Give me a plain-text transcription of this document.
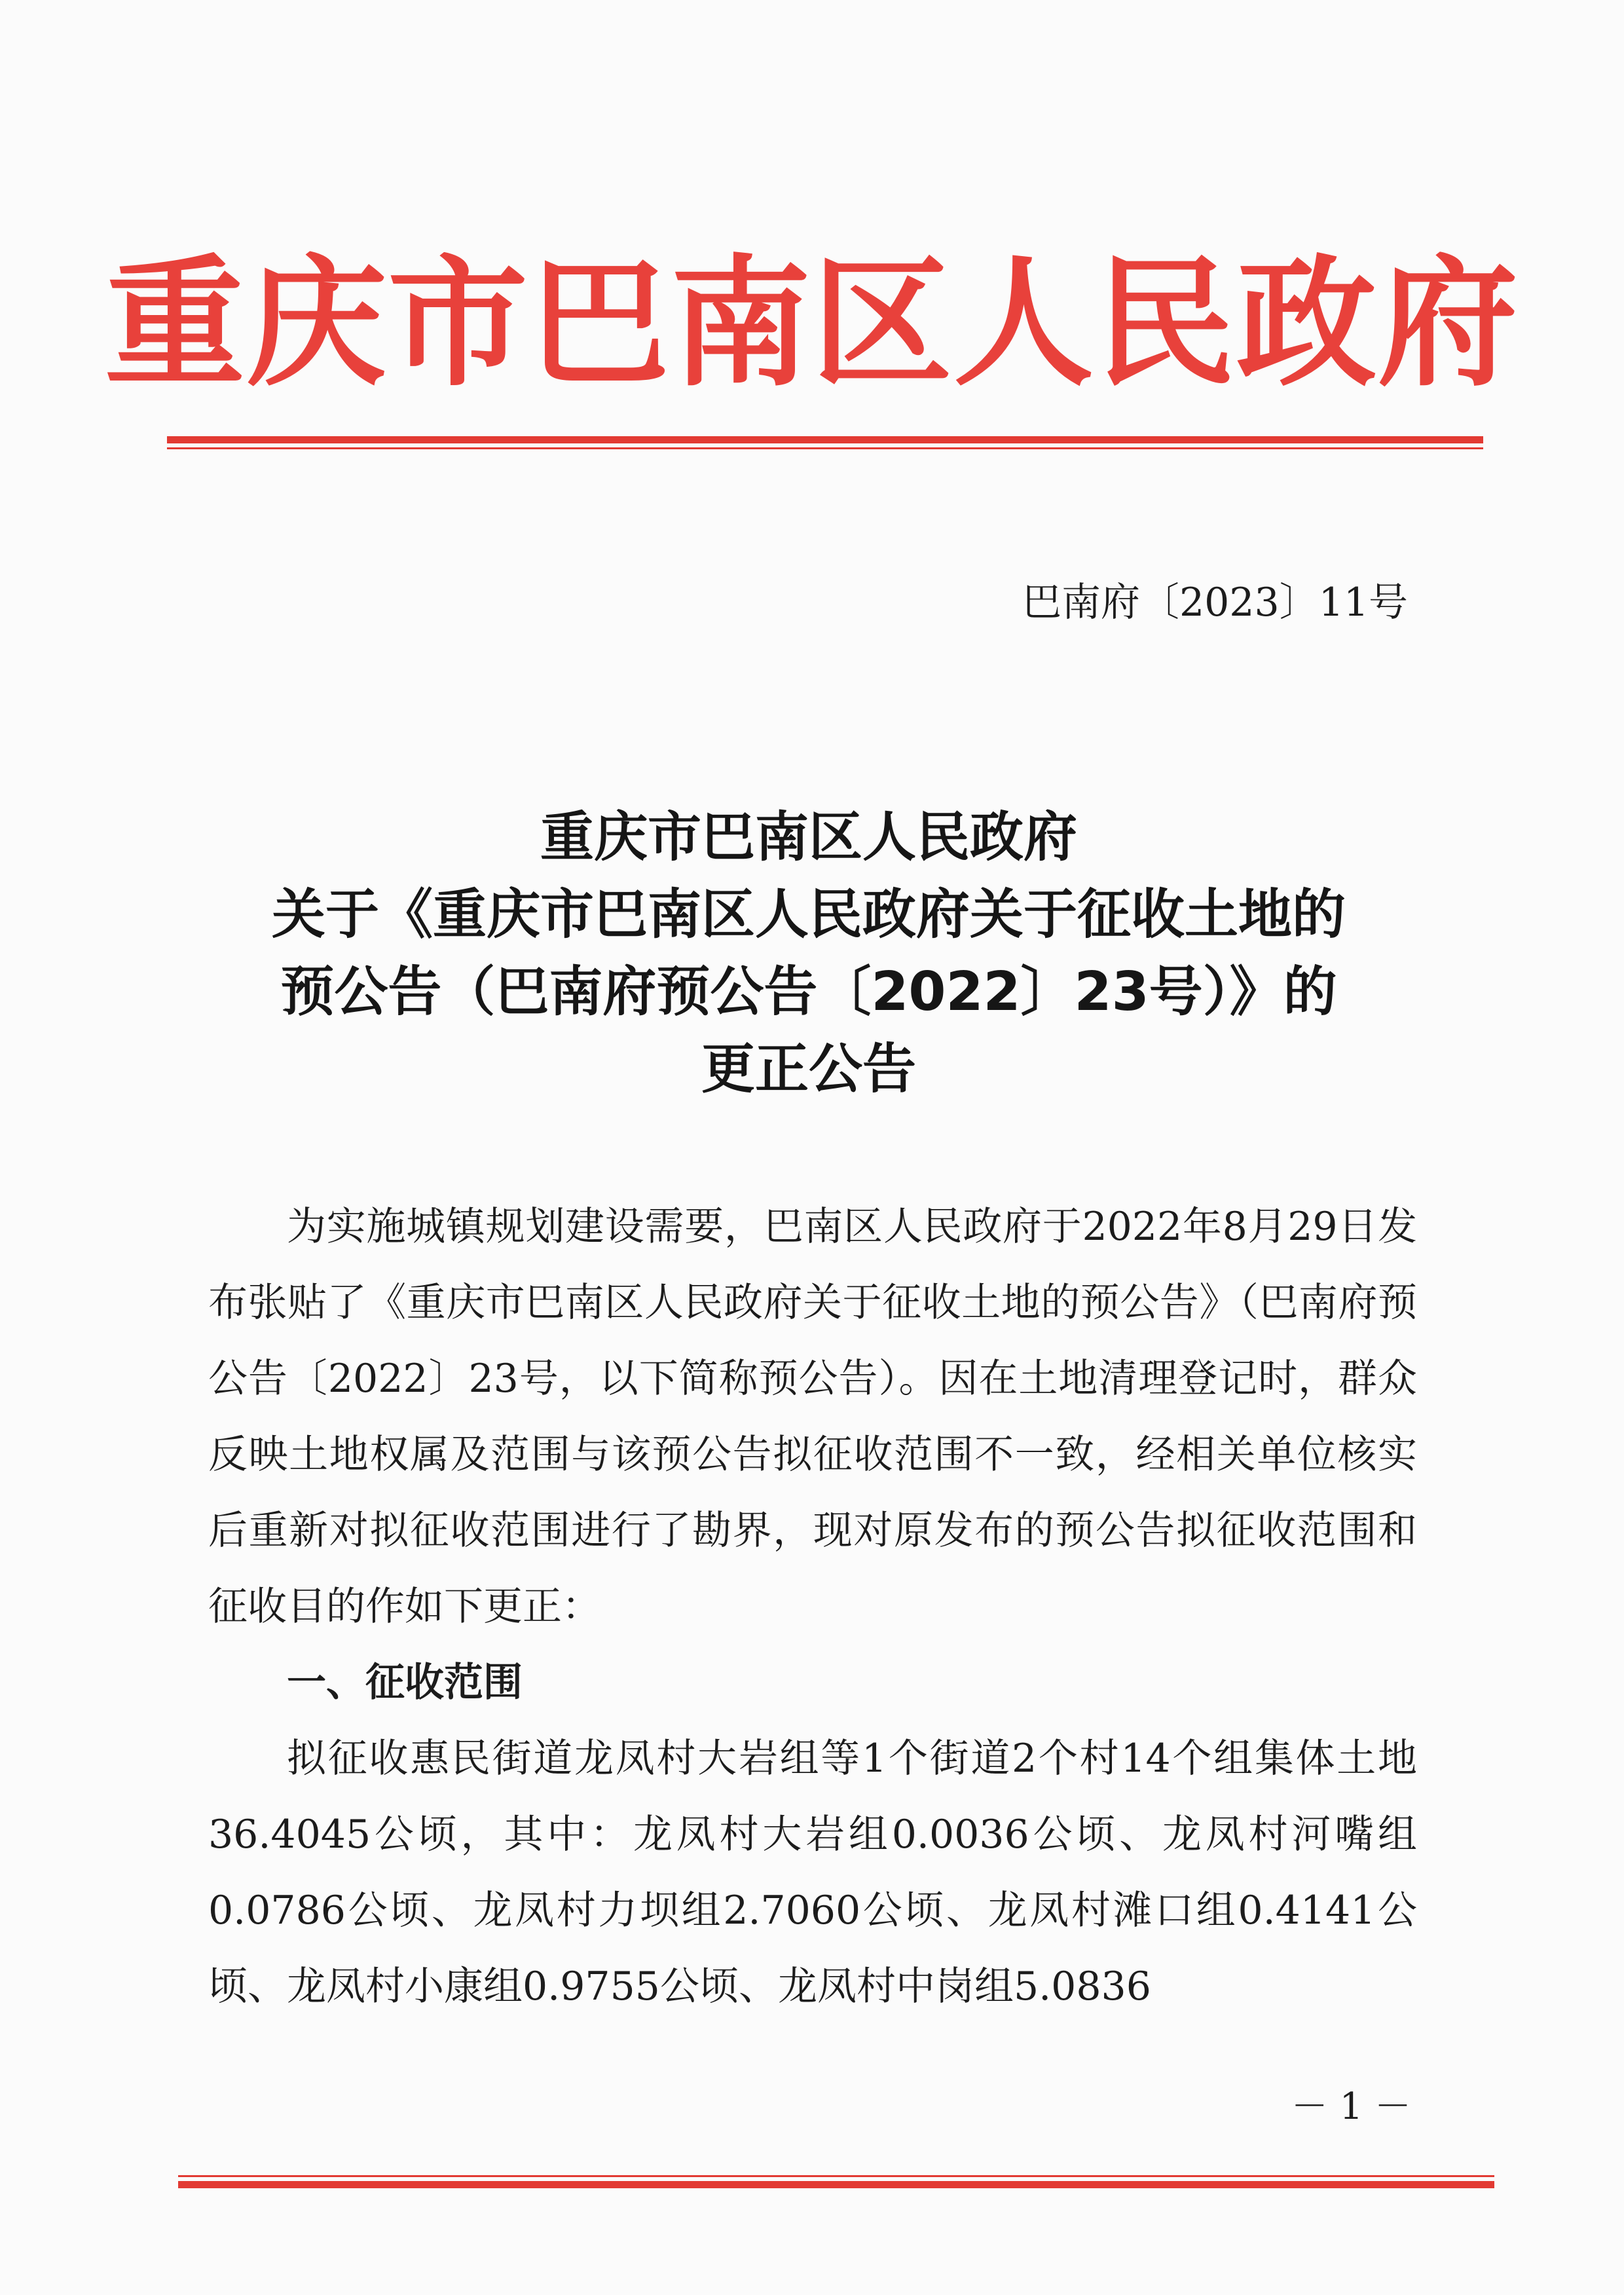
重庆市巴南区人民政府
巴南府〔2023〕11号
重庆市巴南区人民政府
关于《重庆市巴南区人民政府关于征收土地的
预公告（巴南府预公告〔2022〕23号）》的
更正公告

为实施城镇规划建设需要，巴南区人民政府于2022年8月29日发布张贴了《重庆市巴南区人民政府关于征收土地的预公告》（巴南府预公告〔2022〕23号，以下简称预公告）。因在土地清理登记时，群众反映土地权属及范围与该预公告拟征收范围不一致，经相关单位核实后重新对拟征收范围进行了勘界，现对原发布的预公告拟征收范围和征收目的作如下更正：

一、征收范围

拟征收惠民街道龙凤村大岩组等1个街道2个村14个组集体土地36.4045公顷，其中：龙凤村大岩组0.0036公顷、龙凤村河嘴组0.0786公顷、龙凤村力坝组2.7060公顷、龙凤村滩口组0.4141公顷、龙凤村小康组0.9755公顷、龙凤村中岗组5.0836

－ 1 －
